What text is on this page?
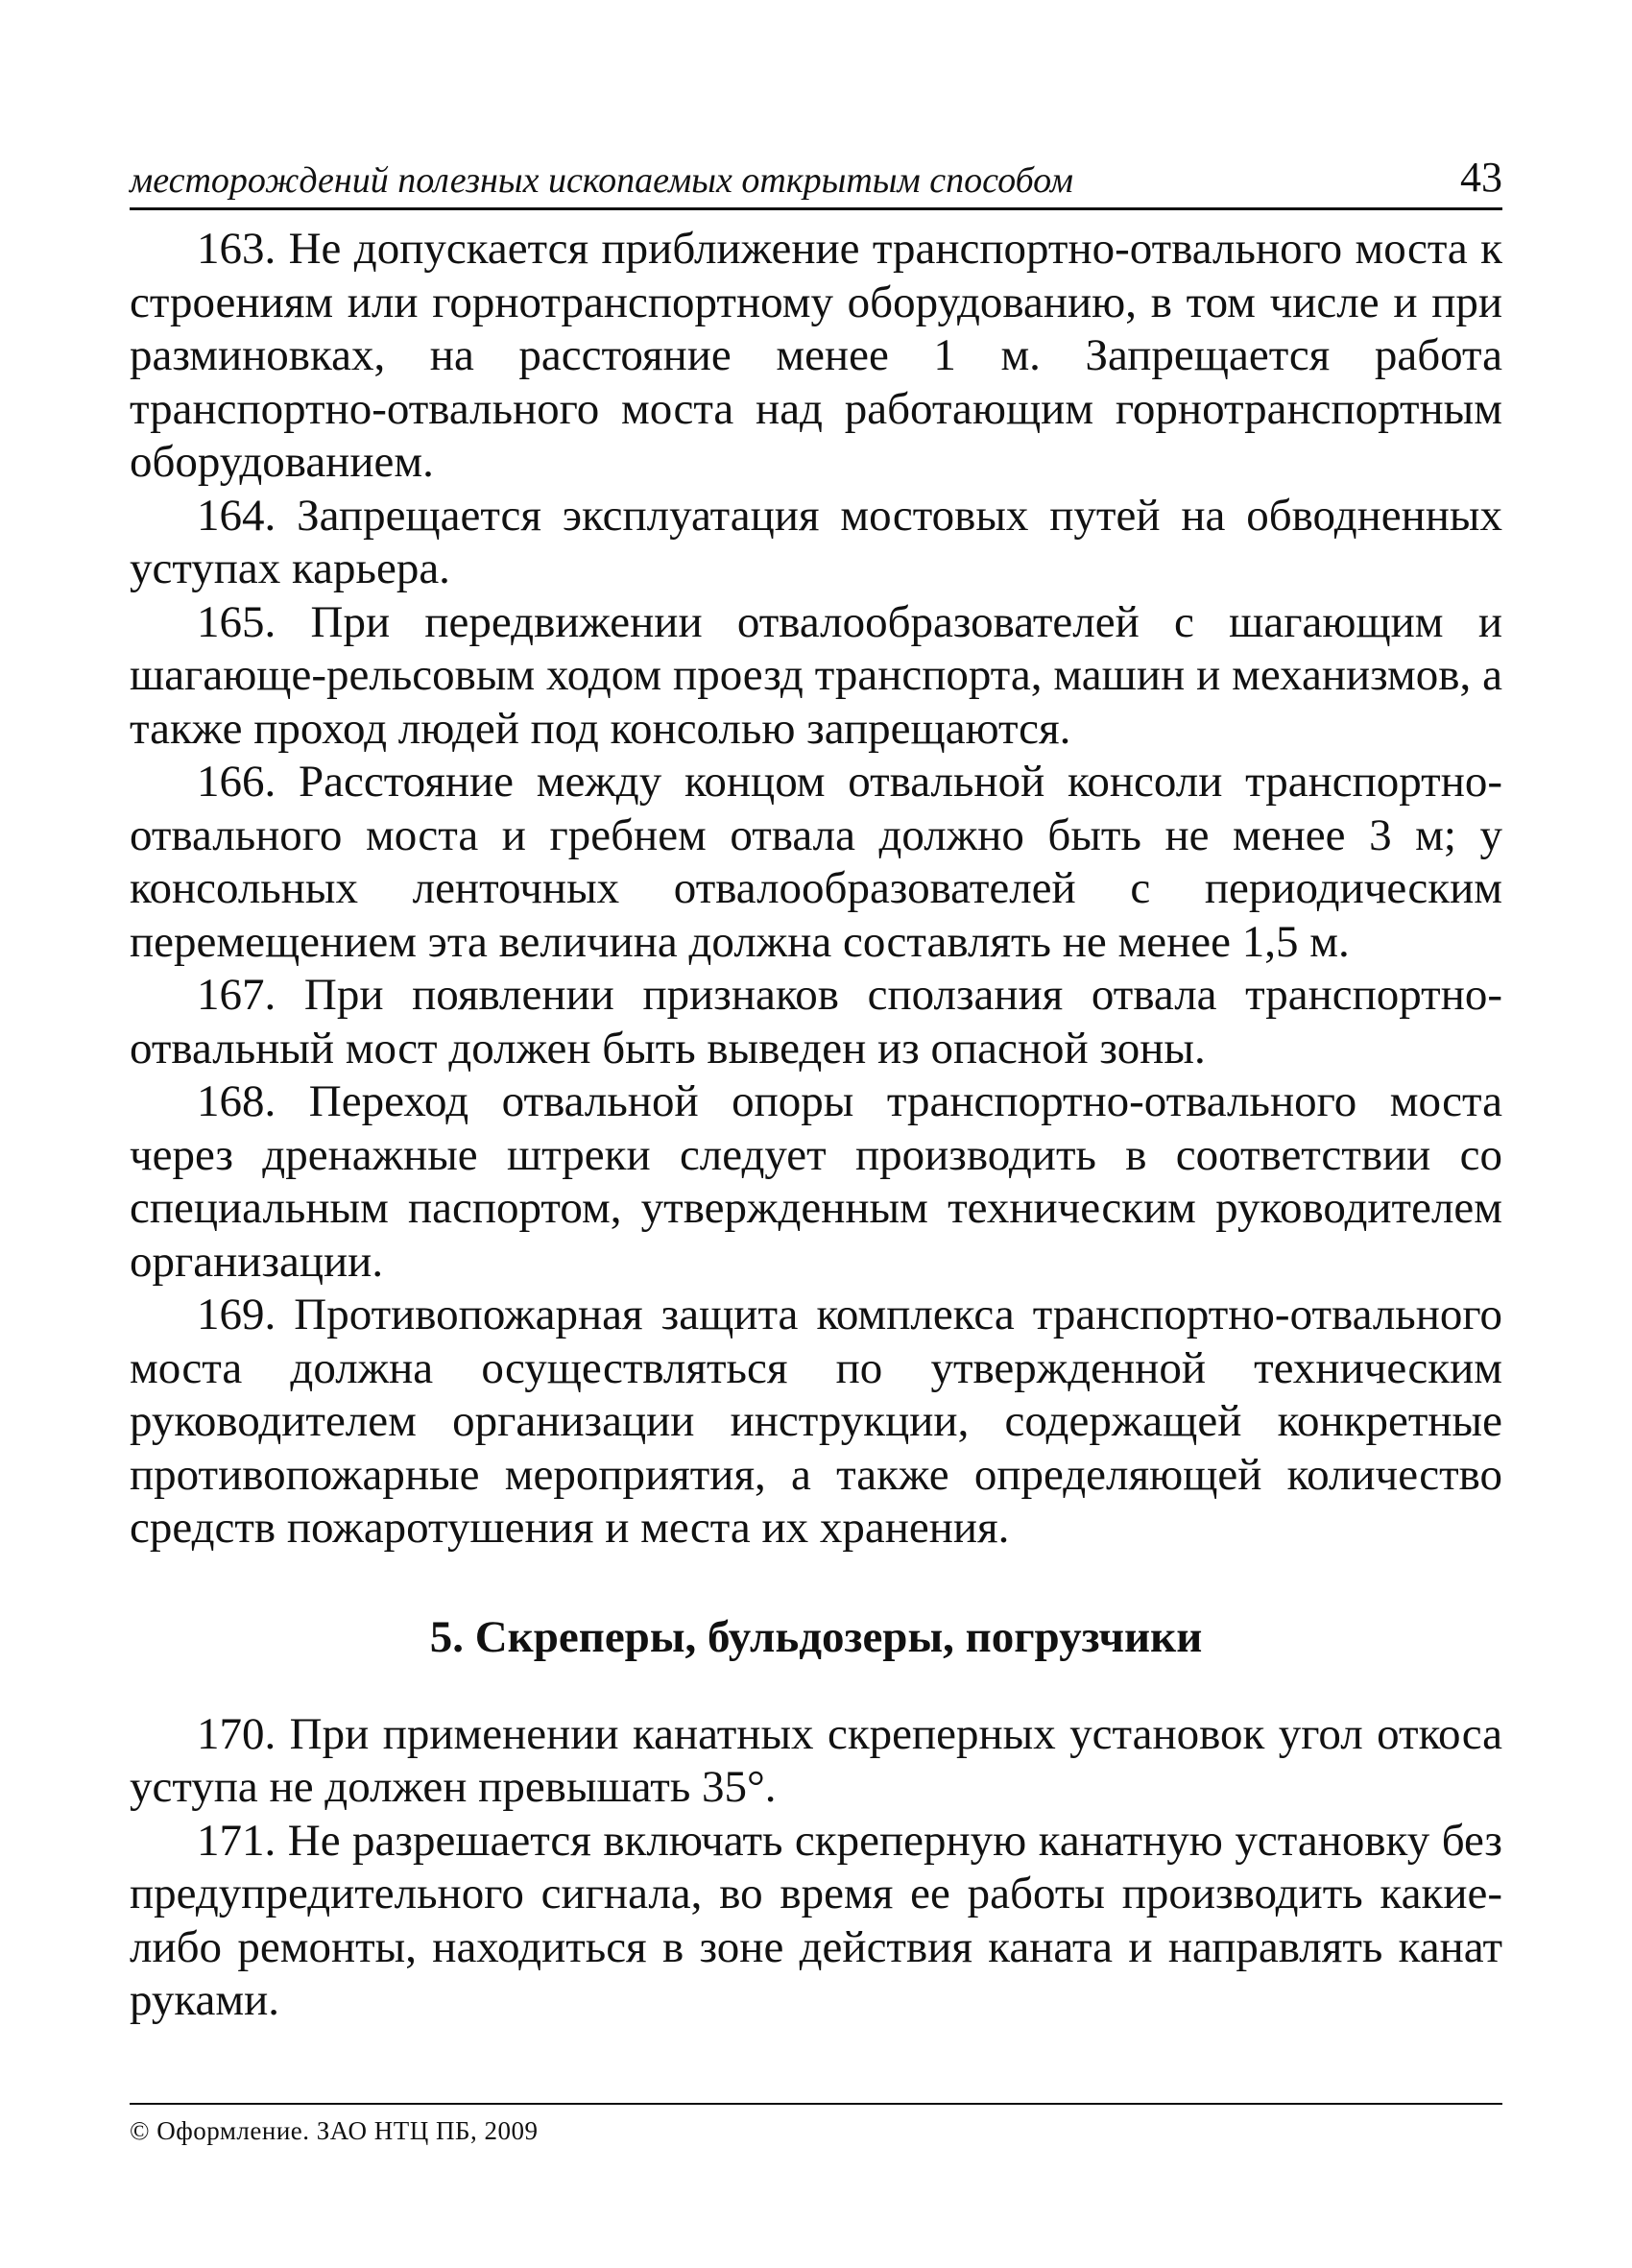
месторождений полезных ископаемых открытым способом	43

163. Не допускается приближение транспортно-отвального моста к строениям или горнотранспортному оборудованию, в том числе и при разминовках, на расстояние менее 1 м. Запрещается работа транспортно-отвального моста над работающим горнотранспортным оборудованием.

164. Запрещается эксплуатация мостовых путей на обводненных уступах карьера.

165. При передвижении отвалообразователей с шагающим и шагающе-рельсовым ходом проезд транспорта, машин и механизмов, а также проход людей под консолью запрещаются.

166. Расстояние между концом отвальной консоли транспортно-отвального моста и гребнем отвала должно быть не менее 3 м; у консольных ленточных отвалообразователей с периодическим перемещением эта величина должна составлять не менее 1,5 м.

167. При появлении признаков сползания отвала транспортно-отвальный мост должен быть выведен из опасной зоны.

168. Переход отвальной опоры транспортно-отвального моста через дренажные штреки следует производить в соответствии со специальным паспортом, утвержденным техническим руководителем организации.

169. Противопожарная защита комплекса транспортно-отвального моста должна осуществляться по утвержденной техническим руководителем организации инструкции, содержащей конкретные противопожарные мероприятия, а также определяющей количество средств пожаротушения и места их хранения.

5. Скреперы, бульдозеры, погрузчики

170. При применении канатных скреперных установок угол откоса уступа не должен превышать 35°.

171. Не разрешается включать скреперную канатную установку без предупредительного сигнала, во время ее работы производить какие-либо ремонты, находиться в зоне действия каната и направлять канат руками.

© Оформление. ЗАО НТЦ ПБ, 2009
